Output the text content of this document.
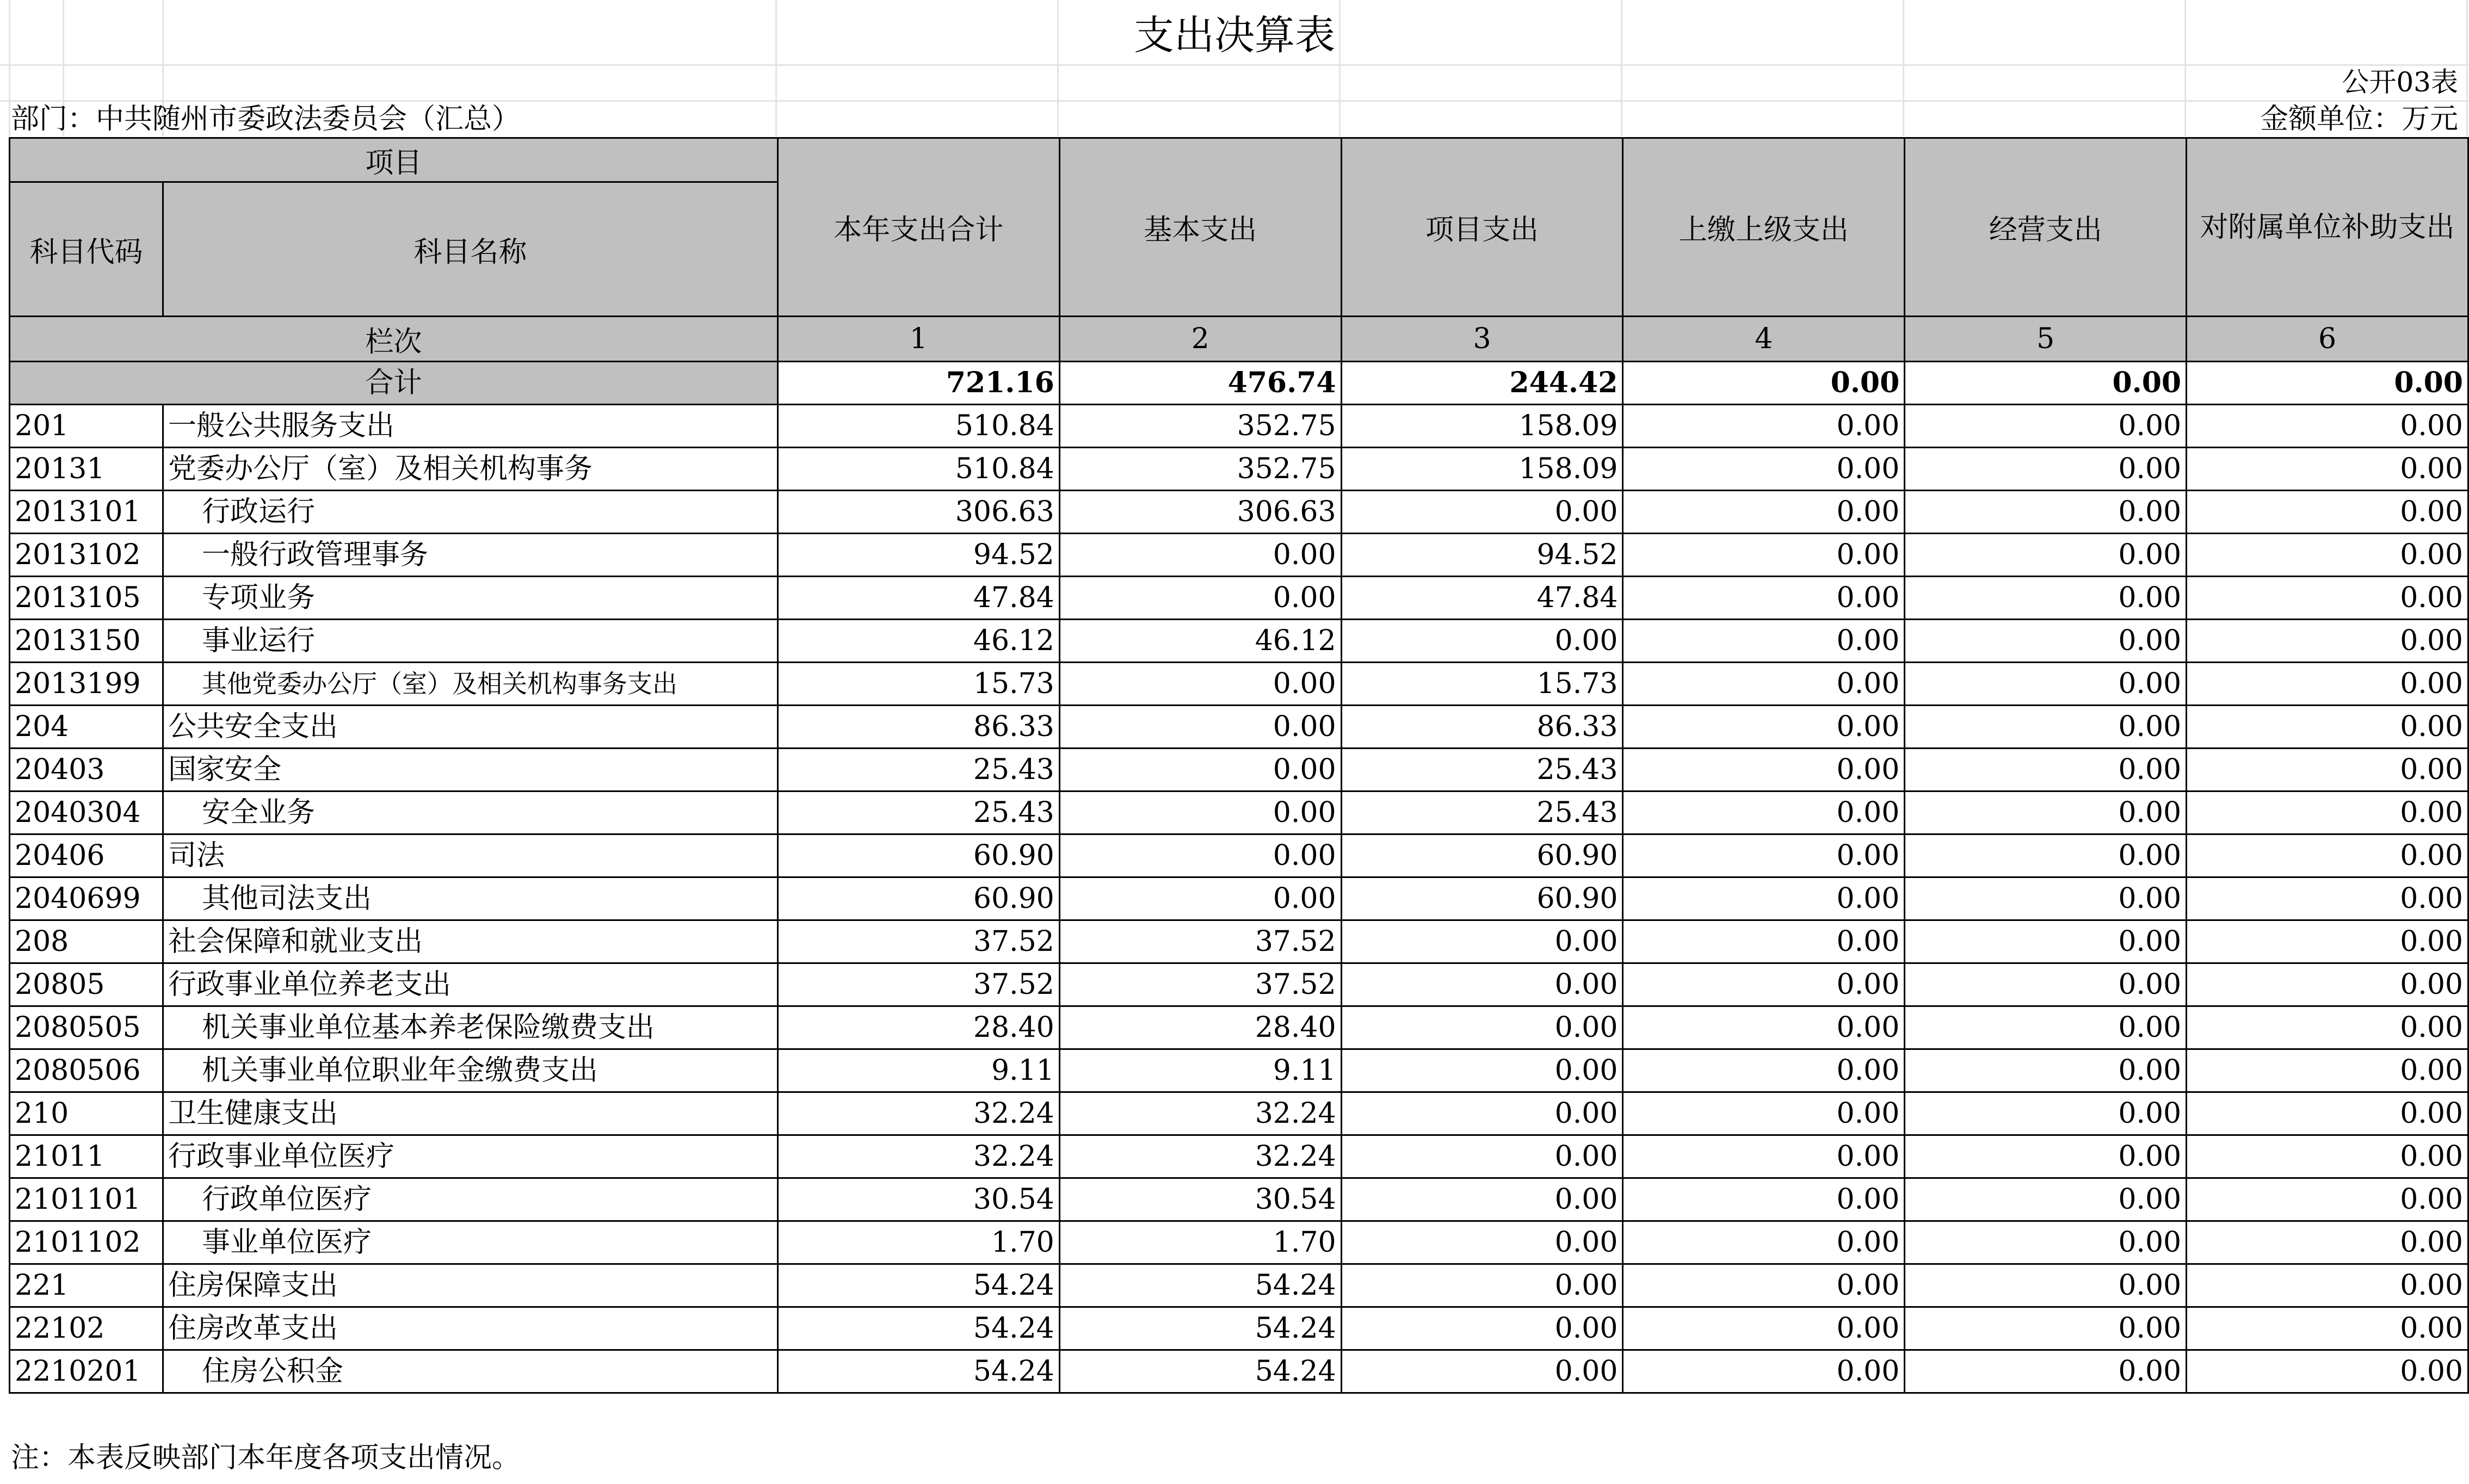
支出决算表
公开03表
部门：中共随州市委政法委员会（汇总）	金额单位：万元
项目		本年支出合计	基本支出	项目支出	上缴上级支出	经营支出	对附属单位补助支出
科目代码	科目名称						
栏次		1	2	3	4	5	6
合计		721.16	476.74	244.42	0.00	0.00	0.00
201	一般公共服务支出	510.84	352.75	158.09	0.00	0.00	0.00
20131	党委办公厅（室）及相关机构事务	510.84	352.75	158.09	0.00	0.00	0.00
2013101	行政运行	306.63	306.63	0.00	0.00	0.00	0.00
2013102	一般行政管理事务	94.52	0.00	94.52	0.00	0.00	0.00
2013105	专项业务	47.84	0.00	47.84	0.00	0.00	0.00
2013150	事业运行	46.12	46.12	0.00	0.00	0.00	0.00
2013199	其他党委办公厅（室）及相关机构事务支出	15.73	0.00	15.73	0.00	0.00	0.00
204	公共安全支出	86.33	0.00	86.33	0.00	0.00	0.00
20403	国家安全	25.43	0.00	25.43	0.00	0.00	0.00
2040304	安全业务	25.43	0.00	25.43	0.00	0.00	0.00
20406	司法	60.90	0.00	60.90	0.00	0.00	0.00
2040699	其他司法支出	60.90	0.00	60.90	0.00	0.00	0.00
208	社会保障和就业支出	37.52	37.52	0.00	0.00	0.00	0.00
20805	行政事业单位养老支出	37.52	37.52	0.00	0.00	0.00	0.00
2080505	机关事业单位基本养老保险缴费支出	28.40	28.40	0.00	0.00	0.00	0.00
2080506	机关事业单位职业年金缴费支出	9.11	9.11	0.00	0.00	0.00	0.00
210	卫生健康支出	32.24	32.24	0.00	0.00	0.00	0.00
21011	行政事业单位医疗	32.24	32.24	0.00	0.00	0.00	0.00
2101101	行政单位医疗	30.54	30.54	0.00	0.00	0.00	0.00
2101102	事业单位医疗	1.70	1.70	0.00	0.00	0.00	0.00
221	住房保障支出	54.24	54.24	0.00	0.00	0.00	0.00
22102	住房改革支出	54.24	54.24	0.00	0.00	0.00	0.00
2210201	住房公积金	54.24	54.24	0.00	0.00	0.00	0.00
注：本表反映部门本年度各项支出情况。
